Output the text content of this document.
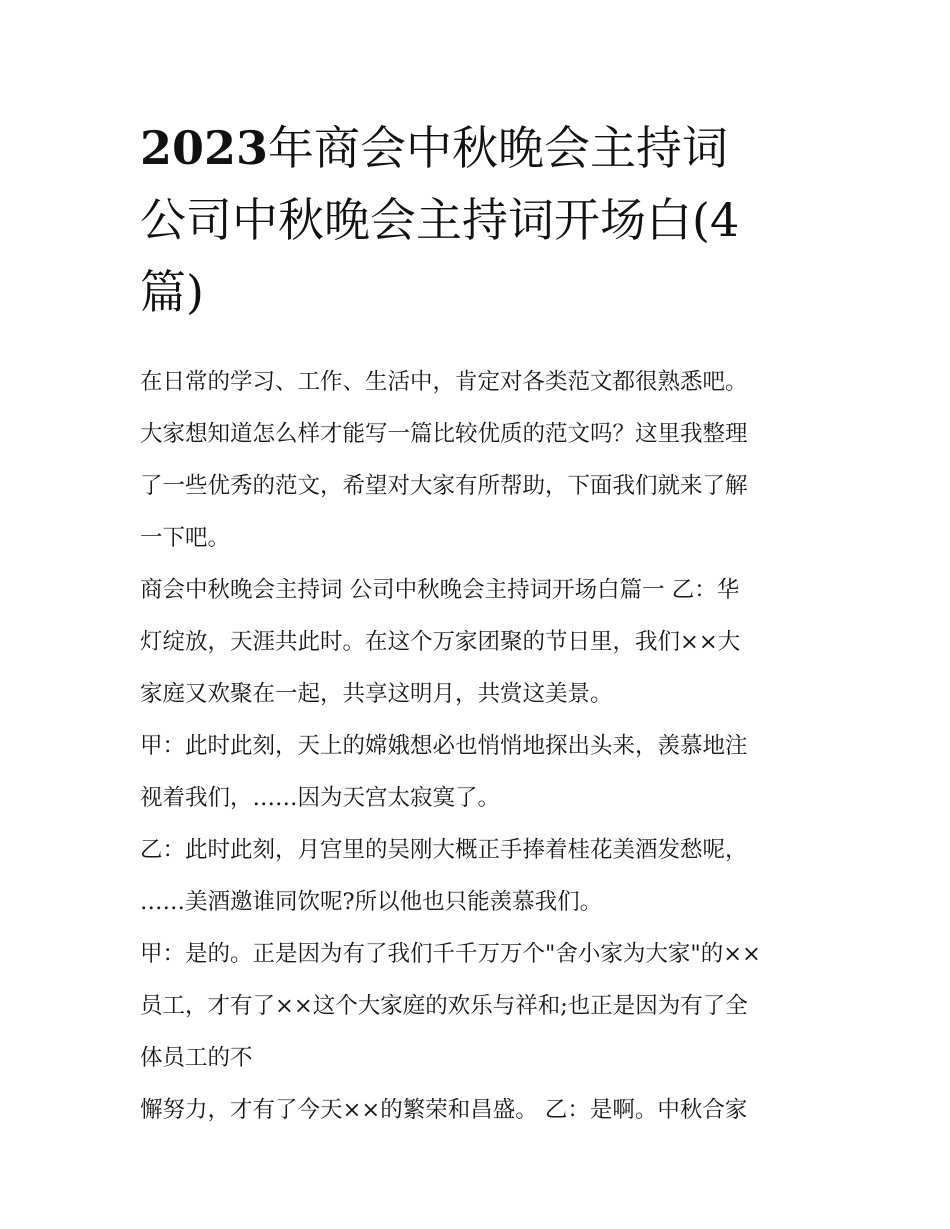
2023年商会中秋晚会主持词
公司中秋晚会主持词开场白(4
篇)
在日常的学习、工作、生活中，肯定对各类范文都很熟悉吧。
大家想知道怎么样才能写一篇比较优质的范文吗？这里我整理
了一些优秀的范文，希望对大家有所帮助，下面我们就来了解
一下吧。
商会中秋晚会主持词 公司中秋晚会主持词开场白篇一 乙：华
灯绽放，天涯共此时。在这个万家团聚的节日里，我们××大
家庭又欢聚在一起，共享这明月，共赏这美景。
甲：此时此刻，天上的嫦娥想必也悄悄地探出头来，羡慕地注
视着我们，……因为天宫太寂寞了。
乙：此时此刻，月宫里的吴刚大概正手捧着桂花美酒发愁呢，
……美酒邀谁同饮呢?所以他也只能羡慕我们。
甲：是的。正是因为有了我们千千万万个"舍小家为大家"的××
员工，才有了××这个大家庭的欢乐与祥和;也正是因为有了全
体员工的不
懈努力，才有了今天××的繁荣和昌盛。 乙：是啊。中秋合家
